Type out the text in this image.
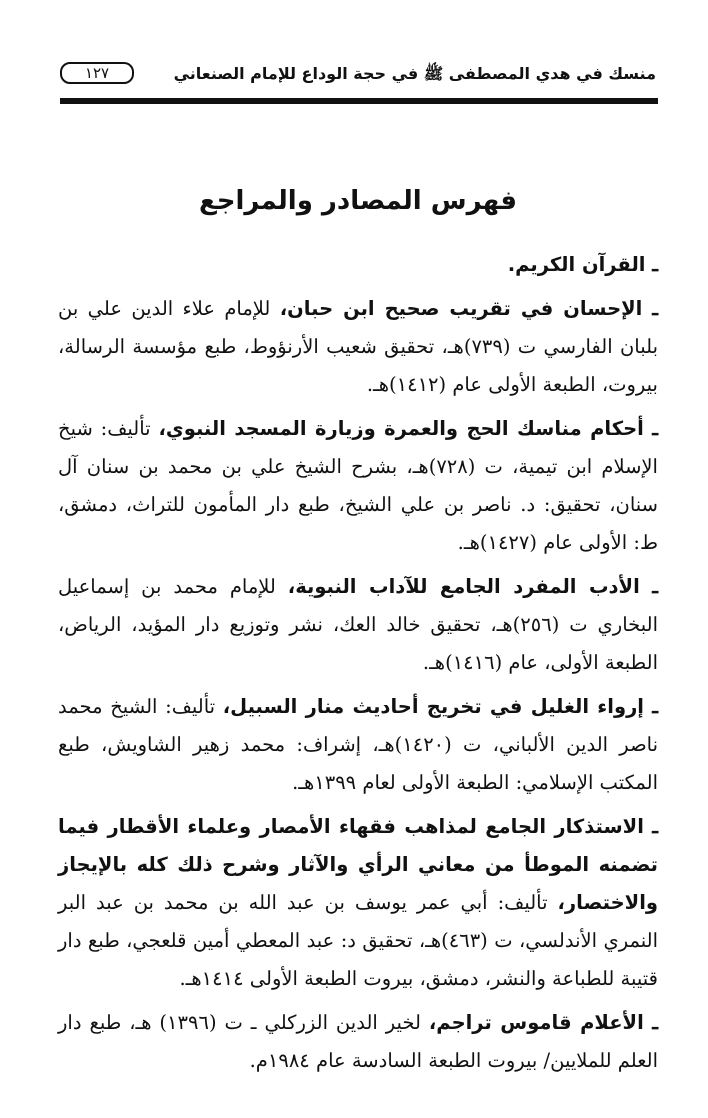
منسك في هدي المصطفى ﷺ في حجة الوداع للإمام الصنعاني
١٢٧
فهرس المصادر والمراجع

ـ القرآن الكريم.

ـ الإحسان في تقريب صحيح ابن حبان، للإمام علاء الدين علي بن بلبان الفارسي ت (٧٣٩)هـ، تحقيق شعيب الأرنؤوط، طبع مؤسسة الرسالة، بيروت، الطبعة الأولى عام (١٤١٢)هـ.

ـ أحكام مناسك الحج والعمرة وزيارة المسجد النبوي، تأليف: شيخ الإسلام ابن تيمية، ت (٧٢٨)هـ، بشرح الشيخ علي بن محمد بن سنان آل سنان، تحقيق: د. ناصر بن علي الشيخ، طبع دار المأمون للتراث، دمشق، ط: الأولى عام (١٤٢٧)هـ.

ـ الأدب المفرد الجامع للآداب النبوية، للإمام محمد بن إسماعيل البخاري ت (٢٥٦)هـ، تحقيق خالد العك، نشر وتوزيع دار المؤيد، الرياض، الطبعة الأولى، عام (١٤١٦)هـ.

ـ إرواء الغليل في تخريج أحاديث منار السبيل، تأليف: الشيخ محمد ناصر الدين الألباني، ت (١٤٢٠)هـ، إشراف: محمد زهير الشاويش، طبع المكتب الإسلامي: الطبعة الأولى لعام ١٣٩٩هـ.

ـ الاستذكار الجامع لمذاهب فقهاء الأمصار وعلماء الأقطار فيما تضمنه الموطأ من معاني الرأي والآثار وشرح ذلك كله بالإيجاز والاختصار، تأليف: أبي عمر يوسف بن عبد الله بن محمد بن عبد البر النمري الأندلسي، ت (٤٦٣)هـ، تحقيق د: عبد المعطي أمين قلعجي، طبع دار قتيبة للطباعة والنشر، دمشق، بيروت الطبعة الأولى ١٤١٤هـ.

ـ الأعلام قاموس تراجم، لخير الدين الزركلي ـ ت (١٣٩٦) هـ، طبع دار العلم للملايين/ بيروت الطبعة السادسة عام ١٩٨٤م.
